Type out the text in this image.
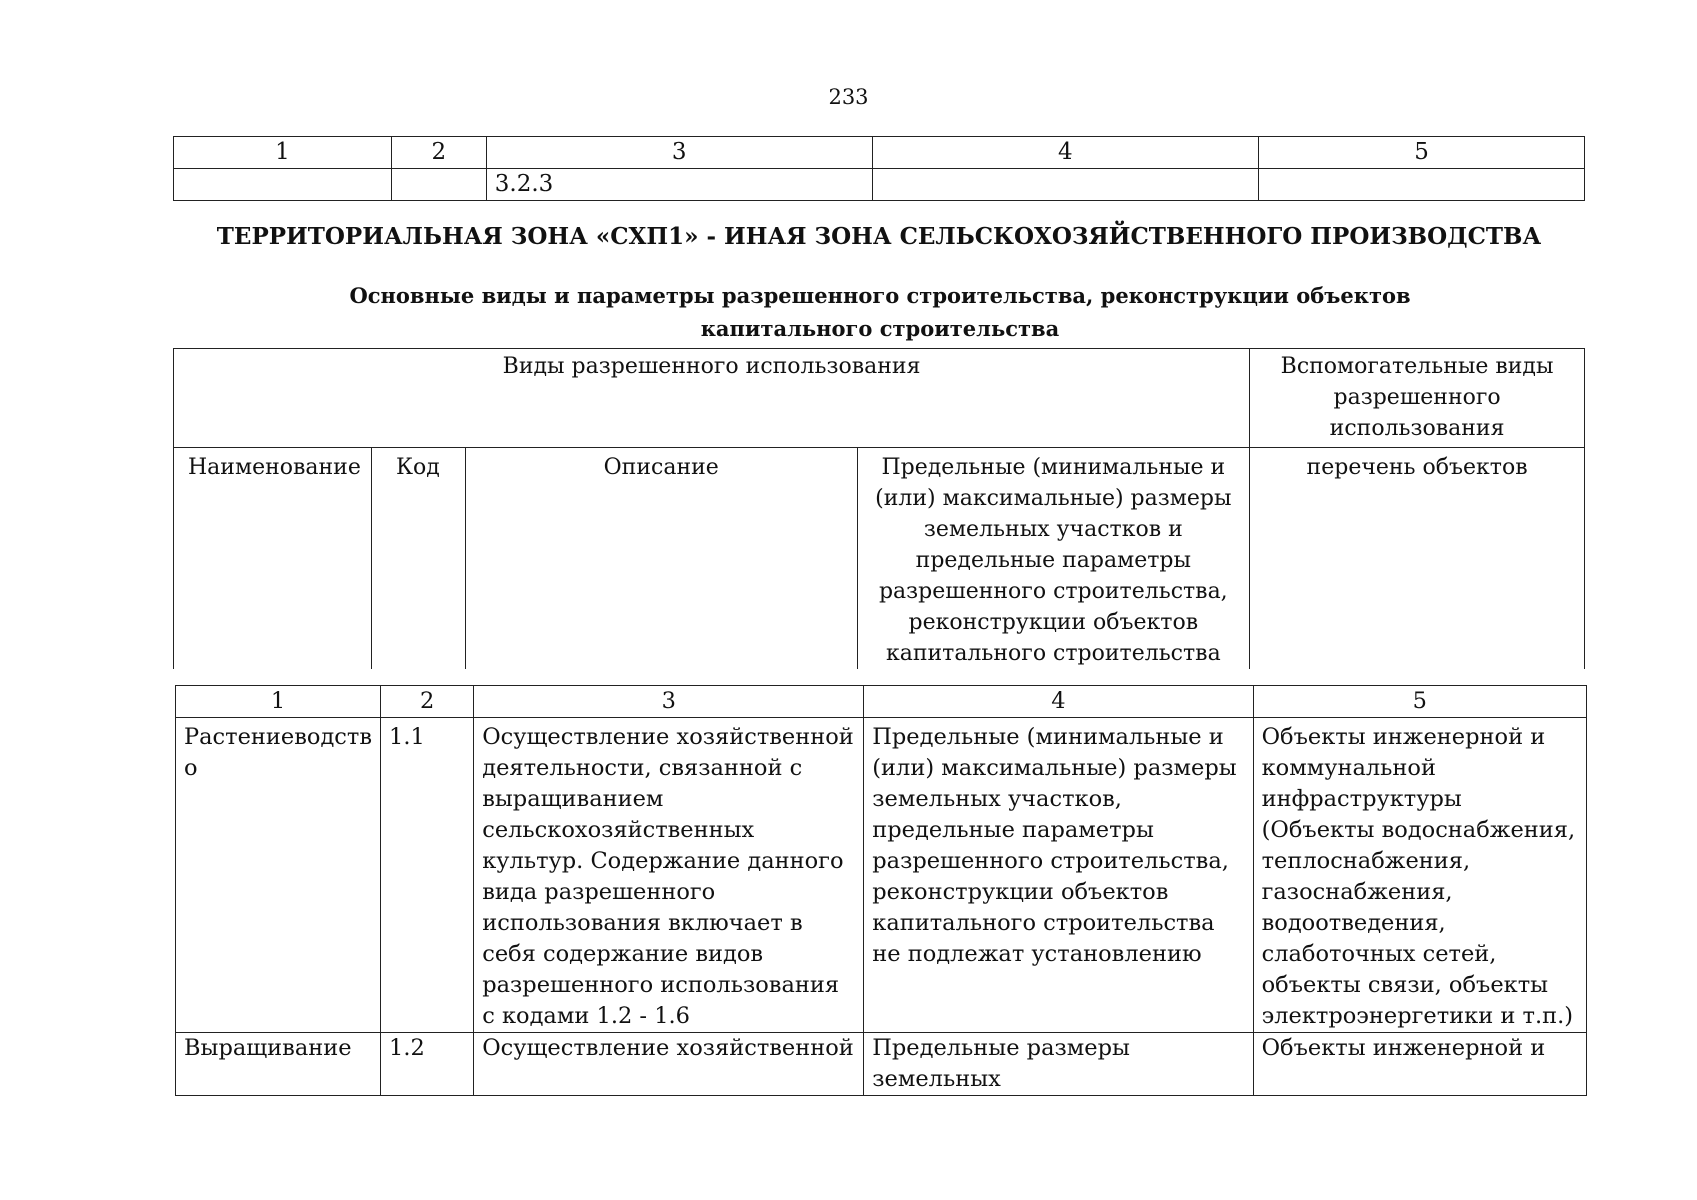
233
1	2	3	4	5
		3.2.3		
ТЕРРИТОРИАЛЬНАЯ ЗОНА «СХП1» - ИНАЯ ЗОНА СЕЛЬСКОХОЗЯЙСТВЕННОГО ПРОИЗВОДСТВА
Основные виды и параметры разрешенного строительства, реконструкции объектов капитального строительства
Виды разрешенного использования				Вспомогательные виды разрешенного использования
Наименование	Код	Описание	Предельные (минимальные и (или) максимальные) размеры земельных участков и предельные параметры разрешенного строительства, реконструкции объектов капитального строительства	перечень объектов
1	2	3	4	5
Растениеводств о	1.1	Осуществление хозяйственной деятельности, связанной с выращиванием сельскохозяйственных культур. Содержание данного вида разрешенного использования включает в себя содержание видов разрешенного использования с кодами 1.2 - 1.6	Предельные (минимальные и (или) максимальные) размеры земельных участков, предельные параметры разрешенного строительства, реконструкции объектов капитального строительства не подлежат установлению	Объекты инженерной и коммунальной инфраструктуры (Объекты водоснабжения, теплоснабжения, газоснабжения, водоотведения, слаботочных сетей, объекты связи, объекты электроэнергетики и т.п.)
Выращивание	1.2	Осуществление хозяйственной	Предельные размеры земельных	Объекты инженерной и
